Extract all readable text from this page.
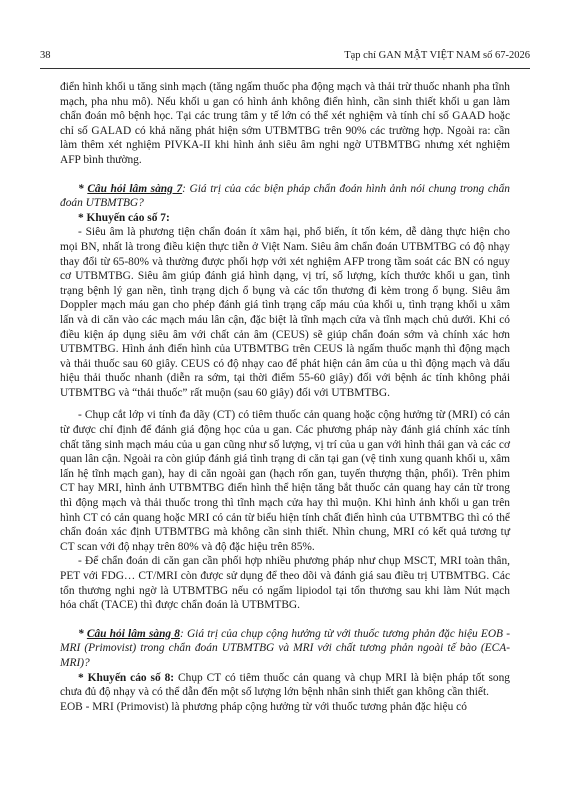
38	Tạp chí GAN MẬT VIỆT NAM số 67-2026

điển hình khối u tăng sinh mạch (tăng ngấm thuốc pha động mạch và thải trừ thuốc nhanh pha tĩnh mạch, pha nhu mô). Nếu khối u gan có hình ảnh không điển hình, cần sinh thiết khối u gan làm chẩn đoán mô bệnh học. Tại các trung tâm y tế lớn có thể xét nghiệm và tính chỉ số GAAD hoặc chỉ số GALAD có khả năng phát hiện sớm UTBMTBG trên 90% các trường hợp. Ngoài ra: cần làm thêm xét nghiệm PIVKA-II khi hình ảnh siêu âm nghi ngờ UTBMTBG nhưng xét nghiệm AFP bình thường.

* Câu hỏi lâm sàng 7: Giá trị của các biện pháp chẩn đoán hình ảnh nói chung trong chẩn đoán UTBMTBG?

* Khuyến cáo số 7:

- Siêu âm là phương tiện chẩn đoán ít xâm hại, phổ biến, ít tốn kém, dễ dàng thực hiện cho mọi BN, nhất là trong điều kiện thực tiễn ở Việt Nam. Siêu âm chẩn đoán UTBMTBG có độ nhạy thay đổi từ 65-80% và thường được phối hợp với xét nghiệm AFP trong tầm soát các BN có nguy cơ UTBMTBG. Siêu âm giúp đánh giá hình dạng, vị trí, số lượng, kích thước khối u gan, tình trạng bệnh lý gan nền, tình trạng dịch ổ bụng và các tổn thương đi kèm trong ổ bụng. Siêu âm Doppler mạch máu gan cho phép đánh giá tình trạng cấp máu của khối u, tình trạng khối u xâm lấn và di căn vào các mạch máu lân cận, đặc biệt là tĩnh mạch cửa và tĩnh mạch chủ dưới. Khi có điều kiện áp dụng siêu âm với chất cản âm (CEUS) sẽ giúp chẩn đoán sớm và chính xác hơn UTBMTBG. Hình ảnh điển hình của UTBMTBG trên CEUS là ngấm thuốc mạnh thì động mạch và thải thuốc sau 60 giây. CEUS có độ nhạy cao để phát hiện cản âm của u thì động mạch và dấu hiệu thải thuốc nhanh (diễn ra sớm, tại thời điểm 55-60 giây) đối với bệnh ác tính không phải UTBMTBG và “thải thuốc” rất muộn (sau 60 giây) đối với UTBMTBG.

- Chụp cắt lớp vi tính đa dãy (CT) có tiêm thuốc cản quang hoặc cộng hưởng từ (MRI) có cản từ được chỉ định để đánh giá động học của u gan. Các phương pháp này đánh giá chính xác tính chất tăng sinh mạch máu của u gan cũng như số lượng, vị trí của u gan với hình thái gan và các cơ quan lân cận. Ngoài ra còn giúp đánh giá tình trạng di căn tại gan (vệ tinh xung quanh khối u, xâm lấn hệ tĩnh mạch gan), hay di căn ngoài gan (hạch rốn gan, tuyến thượng thận, phổi). Trên phim CT hay MRI, hình ảnh UTBMTBG điển hình thể hiện tăng bắt thuốc cản quang hay cản từ trong thì động mạch và thải thuốc trong thì tĩnh mạch cửa hay thì muộn. Khi hình ảnh khối u gan trên hình CT có cản quang hoặc MRI có cản từ biểu hiện tính chất điển hình của UTBMTBG thì có thể chẩn đoán xác định UTBMTBG mà không cần sinh thiết. Nhìn chung, MRI có kết quả tương tự CT scan với độ nhạy trên 80% và độ đặc hiệu trên 85%.

- Để chẩn đoán di căn gan cần phối hợp nhiều phương pháp như chụp MSCT, MRI toàn thân, PET với FDG… CT/MRI còn được sử dụng để theo dõi và đánh giá sau điều trị UTBMTBG. Các tổn thương nghi ngờ là UTBMTBG nếu có ngấm lipiodol tại tổn thương sau khi làm Nút mạch hóa chất (TACE) thì được chẩn đoán là UTBMTBG.

* Câu hỏi lâm sàng 8: Giá trị của chụp cộng hưởng từ với thuốc tương phản đặc hiệu EOB - MRI (Primovist) trong chẩn đoán UTBMTBG và MRI với chất tương phản ngoài tế bào (ECA-MRI)?

* Khuyến cáo số 8: Chụp CT có tiêm thuốc cản quang và chụp MRI là biện pháp tốt song chưa đủ độ nhạy và có thể dẫn đến một số lượng lớn bệnh nhân sinh thiết gan không cần thiết.

EOB - MRI (Primovist) là phương pháp cộng hưởng từ với thuốc tương phản đặc hiệu có
